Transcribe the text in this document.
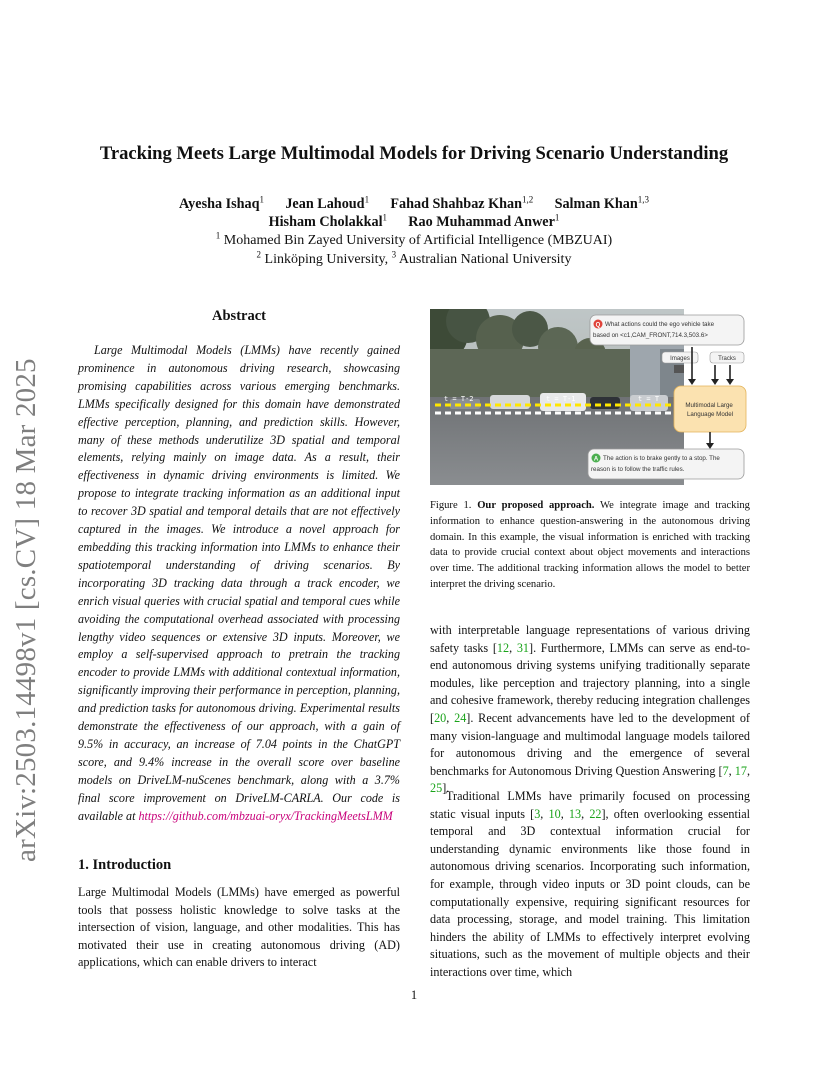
Tracking Meets Large Multimodal Models for Driving Scenario Understanding
Ayesha Ishaq$^1$ Jean Lahoud$^1$ Fahad Shahbaz Khan$^{1,2}$ Salman Khan$^{1,3}$
Hisham Cholakkal$^1$ Rao Muhammad Anwer$^1$
$^1$ Mohamed Bin Zayed University of Artificial Intelligence (MBZUAI)
$^2$ Linköping University, $^3$ Australian National University
arXiv:2503.14498v1 [cs.CV] 18 Mar 2025
Abstract
Large Multimodal Models (LMMs) have recently gained prominence in autonomous driving research, showcasing promising capabilities across various emerging benchmarks. LMMs specifically designed for this domain have demonstrated effective perception, planning, and prediction skills. However, many of these methods underutilize 3D spatial and temporal elements, relying mainly on image data. As a result, their effectiveness in dynamic driving environments is limited. We propose to integrate tracking information as an additional input to recover 3D spatial and temporal details that are not effectively captured in the images. We introduce a novel approach for embedding this tracking information into LMMs to enhance their spatiotemporal understanding of driving scenarios. By incorporating 3D tracking data through a track encoder, we enrich visual queries with crucial spatial and temporal cues while avoiding the computational overhead associated with processing lengthy video sequences or extensive 3D inputs. Moreover, we employ a self-supervised approach to pretrain the tracking encoder to provide LMMs with additional contextual information, significantly improving their performance in perception, planning, and prediction tasks for autonomous driving. Experimental results demonstrate the effectiveness of our approach, with a gain of 9.5% in accuracy, an increase of 7.04 points in the ChatGPT score, and 9.4% increase in the overall score over baseline models on DriveLM-nuScenes benchmark, along with a 3.7% final score improvement on DriveLM-CARLA. Our code is available at https://github.com/mbzuai-oryx/TrackingMeetsLMM
1. Introduction
Large Multimodal Models (LMMs) have emerged as powerful tools that possess holistic knowledge to solve tasks at the intersection of vision, language, and other modalities. This has motivated their use in creating autonomous driving (AD) applications, which can enable drivers to interact
t = T-2	t = T-1	t = T
Q What actions could the ego vehicle take based on <c1,CAM_FRONT,714.3,503.6>
Images	Tracks
Multimodal Large Language Model
A The action is to brake gently to a stop. The reason is to follow the traffic rules.
Figure 1. Our proposed approach. We integrate image and tracking information to enhance question-answering in the autonomous driving domain. In this example, the visual information is enriched with tracking data to provide crucial context about object movements and interactions over time. The additional tracking information allows the model to better interpret the driving scenario.

with interpretable language representations of various driving safety tasks [12, 31]. Furthermore, LMMs can serve as end-to-end autonomous driving systems unifying traditionally separate modules, like perception and trajectory planning, into a single and cohesive framework, thereby reducing integration challenges [20, 24]. Recent advancements have led to the development of many vision-language and multimodal language models tailored for autonomous driving and the emergence of several benchmarks for Autonomous Driving Question Answering [7, 17, 25].

Traditional LMMs have primarily focused on processing static visual inputs [3, 10, 13, 22], often overlooking essential temporal and 3D contextual information crucial for understanding dynamic environments like those found in autonomous driving scenarios. Incorporating such information, for example, through video inputs or 3D point clouds, can be computationally expensive, requiring significant resources for data processing, storage, and model training. This limitation hinders the ability of LMMs to effectively interpret evolving situations, such as the movement of multiple objects and their interactions over time, which

1
